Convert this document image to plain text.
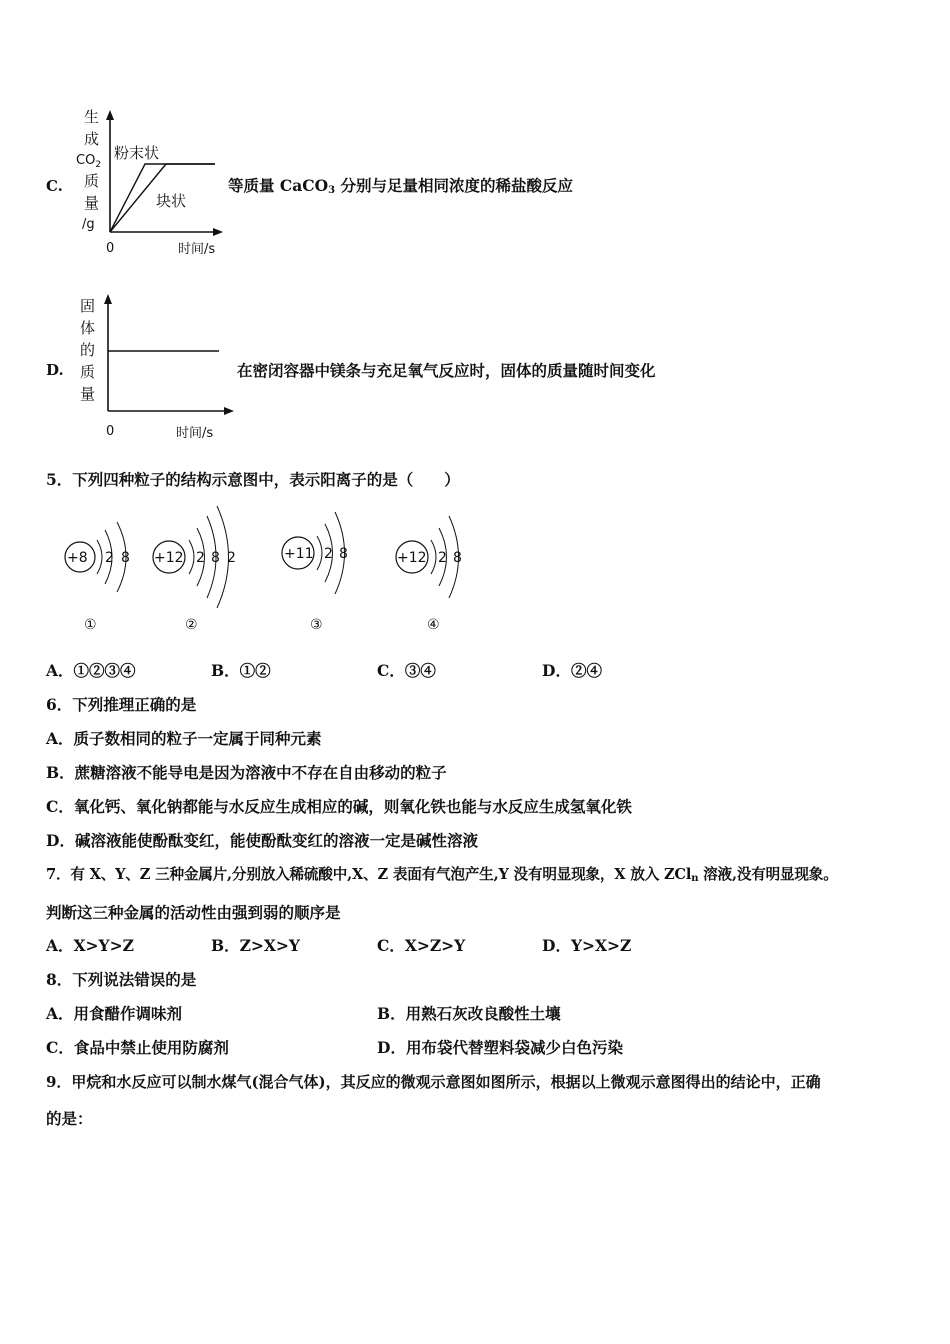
C.
生
成
$CO_2$
质
量
/g
0	时间/s
粉末状
块状
等质量 CaCO$_3$ 分别与足量相同浓度的稀盐酸反应
D.
固
体
的
质
量
0	时间/s
在密闭容器中镁条与充足氧气反应时，固体的质量随时间变化
5．下列四种粒子的结构示意图中，表示阳离子的是（　　）
+8 2 8
①
+12 2 8 2
②
+11 2 8
③
+12 2 8
④
A．①②③④	B．①②	C．③④	D．②④
6．下列推理正确的是
A．质子数相同的粒子一定属于同种元素
B．蔗糖溶液不能导电是因为溶液中不存在自由移动的粒子
C．氧化钙、氧化钠都能与水反应生成相应的碱，则氧化铁也能与水反应生成氢氧化铁
D．碱溶液能使酚酞变红，能使酚酞变红的溶液一定是碱性溶液
7．有 X、Y、Z 三种金属片,分别放入稀硫酸中,X、Z 表面有气泡产生,Y 没有明显现象，X 放入 ZCl$_n$ 溶液,没有明显现象。
判断这三种金属的活动性由强到弱的顺序是
A．X>Y>Z	B．Z>X>Y	C．X>Z>Y	D．Y>X>Z
8．下列说法错误的是
A．用食醋作调味剂	B．用熟石灰改良酸性土壤
C．食品中禁止使用防腐剂	D．用布袋代替塑料袋减少白色污染
9．甲烷和水反应可以制水煤气(混合气体)，其反应的微观示意图如图所示，根据以上微观示意图得出的结论中，正确
的是：
